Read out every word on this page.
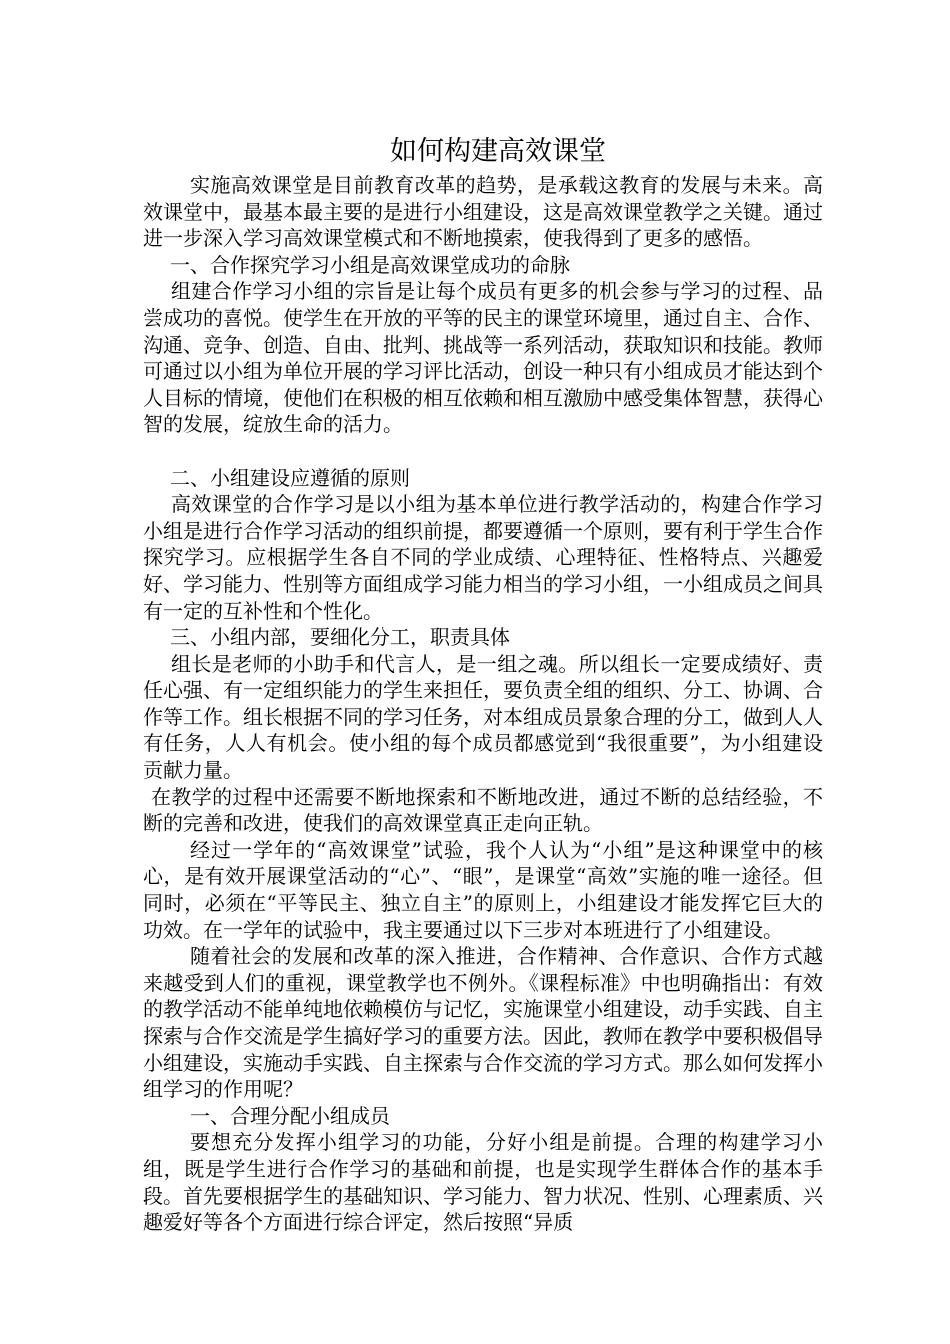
如何构建高效课堂

实施高效课堂是目前教育改革的趋势，是承载这教育的发展与未来。高效课堂中，最基本最主要的是进行小组建设，这是高效课堂教学之关键。通过进一步深入学习高效课堂模式和不断地摸索，使我得到了更多的感悟。

一、合作探究学习小组是高效课堂成功的命脉

组建合作学习小组的宗旨是让每个成员有更多的机会参与学习的过程、品尝成功的喜悦。使学生在开放的平等的民主的课堂环境里，通过自主、合作、沟通、竞争、创造、自由、批判、挑战等一系列活动，获取知识和技能。教师可通过以小组为单位开展的学习评比活动，创设一种只有小组成员才能达到个人目标的情境，使他们在积极的相互依赖和相互激励中感受集体智慧，获得心智的发展，绽放生命的活力。

二、小组建设应遵循的原则

高效课堂的合作学习是以小组为基本单位进行教学活动的，构建合作学习小组是进行合作学习活动的组织前提，都要遵循一个原则，要有利于学生合作探究学习。应根据学生各自不同的学业成绩、心理特征、性格特点、兴趣爱好、学习能力、性别等方面组成学习能力相当的学习小组，一小组成员之间具有一定的互补性和个性化。

三、小组内部，要细化分工，职责具体

组长是老师的小助手和代言人，是一组之魂。所以组长一定要成绩好、责任心强、有一定组织能力的学生来担任，要负责全组的组织、分工、协调、合作等工作。组长根据不同的学习任务，对本组成员景象合理的分工，做到人人有任务，人人有机会。使小组的每个成员都感觉到“我很重要”，为小组建设贡献力量。

在教学的过程中还需要不断地探索和不断地改进，通过不断的总结经验，不断的完善和改进，使我们的高效课堂真正走向正轨。

经过一学年的“高效课堂”试验，我个人认为“小组”是这种课堂中的核心，是有效开展课堂活动的“心”、“眼”，是课堂“高效”实施的唯一途径。但同时，必须在“平等民主、独立自主”的原则上，小组建设才能发挥它巨大的功效。在一学年的试验中，我主要通过以下三步对本班进行了小组建设。

随着社会的发展和改革的深入推进，合作精神、合作意识、合作方式越来越受到人们的重视，课堂教学也不例外。《课程标准》中也明确指出：有效的教学活动不能单纯地依赖模仿与记忆，实施课堂小组建设，动手实践、自主探索与合作交流是学生搞好学习的重要方法。因此，教师在教学中要积极倡导小组建设，实施动手实践、自主探索与合作交流的学习方式。那么如何发挥小组学习的作用呢？

一、合理分配小组成员

要想充分发挥小组学习的功能，分好小组是前提。合理的构建学习小组，既是学生进行合作学习的基础和前提，也是实现学生群体合作的基本手段。首先要根据学生的基础知识、学习能力、智力状况、性别、心理素质、兴趣爱好等各个方面进行综合评定，然后按照“异质
